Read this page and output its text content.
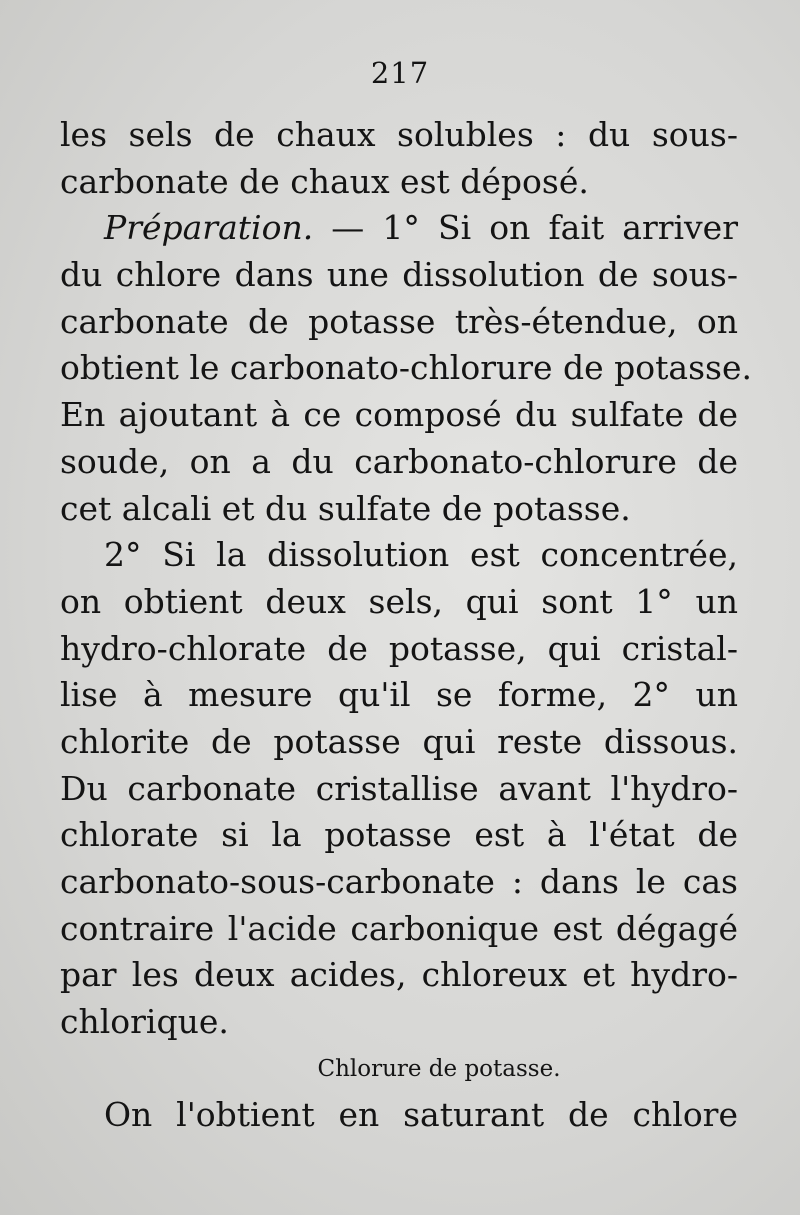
217
les sels de chaux solubles : du sous-
carbonate de chaux est déposé.
Préparation. — 1° Si on fait arriver
du chlore dans une dissolution de sous-
carbonate de potasse très-étendue, on
obtient le carbonato-chlorure de potasse.
En ajoutant à ce composé du sulfate de
soude, on a du carbonato-chlorure de
cet alcali et du sulfate de potasse.
2° Si la dissolution est concentrée,
on obtient deux sels, qui sont 1° un
hydro-chlorate de potasse, qui cristal-
lise à mesure qu'il se forme, 2° un
chlorite de potasse qui reste dissous.
Du carbonate cristallise avant l'hydro-
chlorate si la potasse est à l'état de
carbonato-sous-carbonate : dans le cas
contraire l'acide carbonique est dégagé
par les deux acides, chloreux et hydro-
chlorique.
Chlorure de potasse.
On l'obtient en saturant de chlore
